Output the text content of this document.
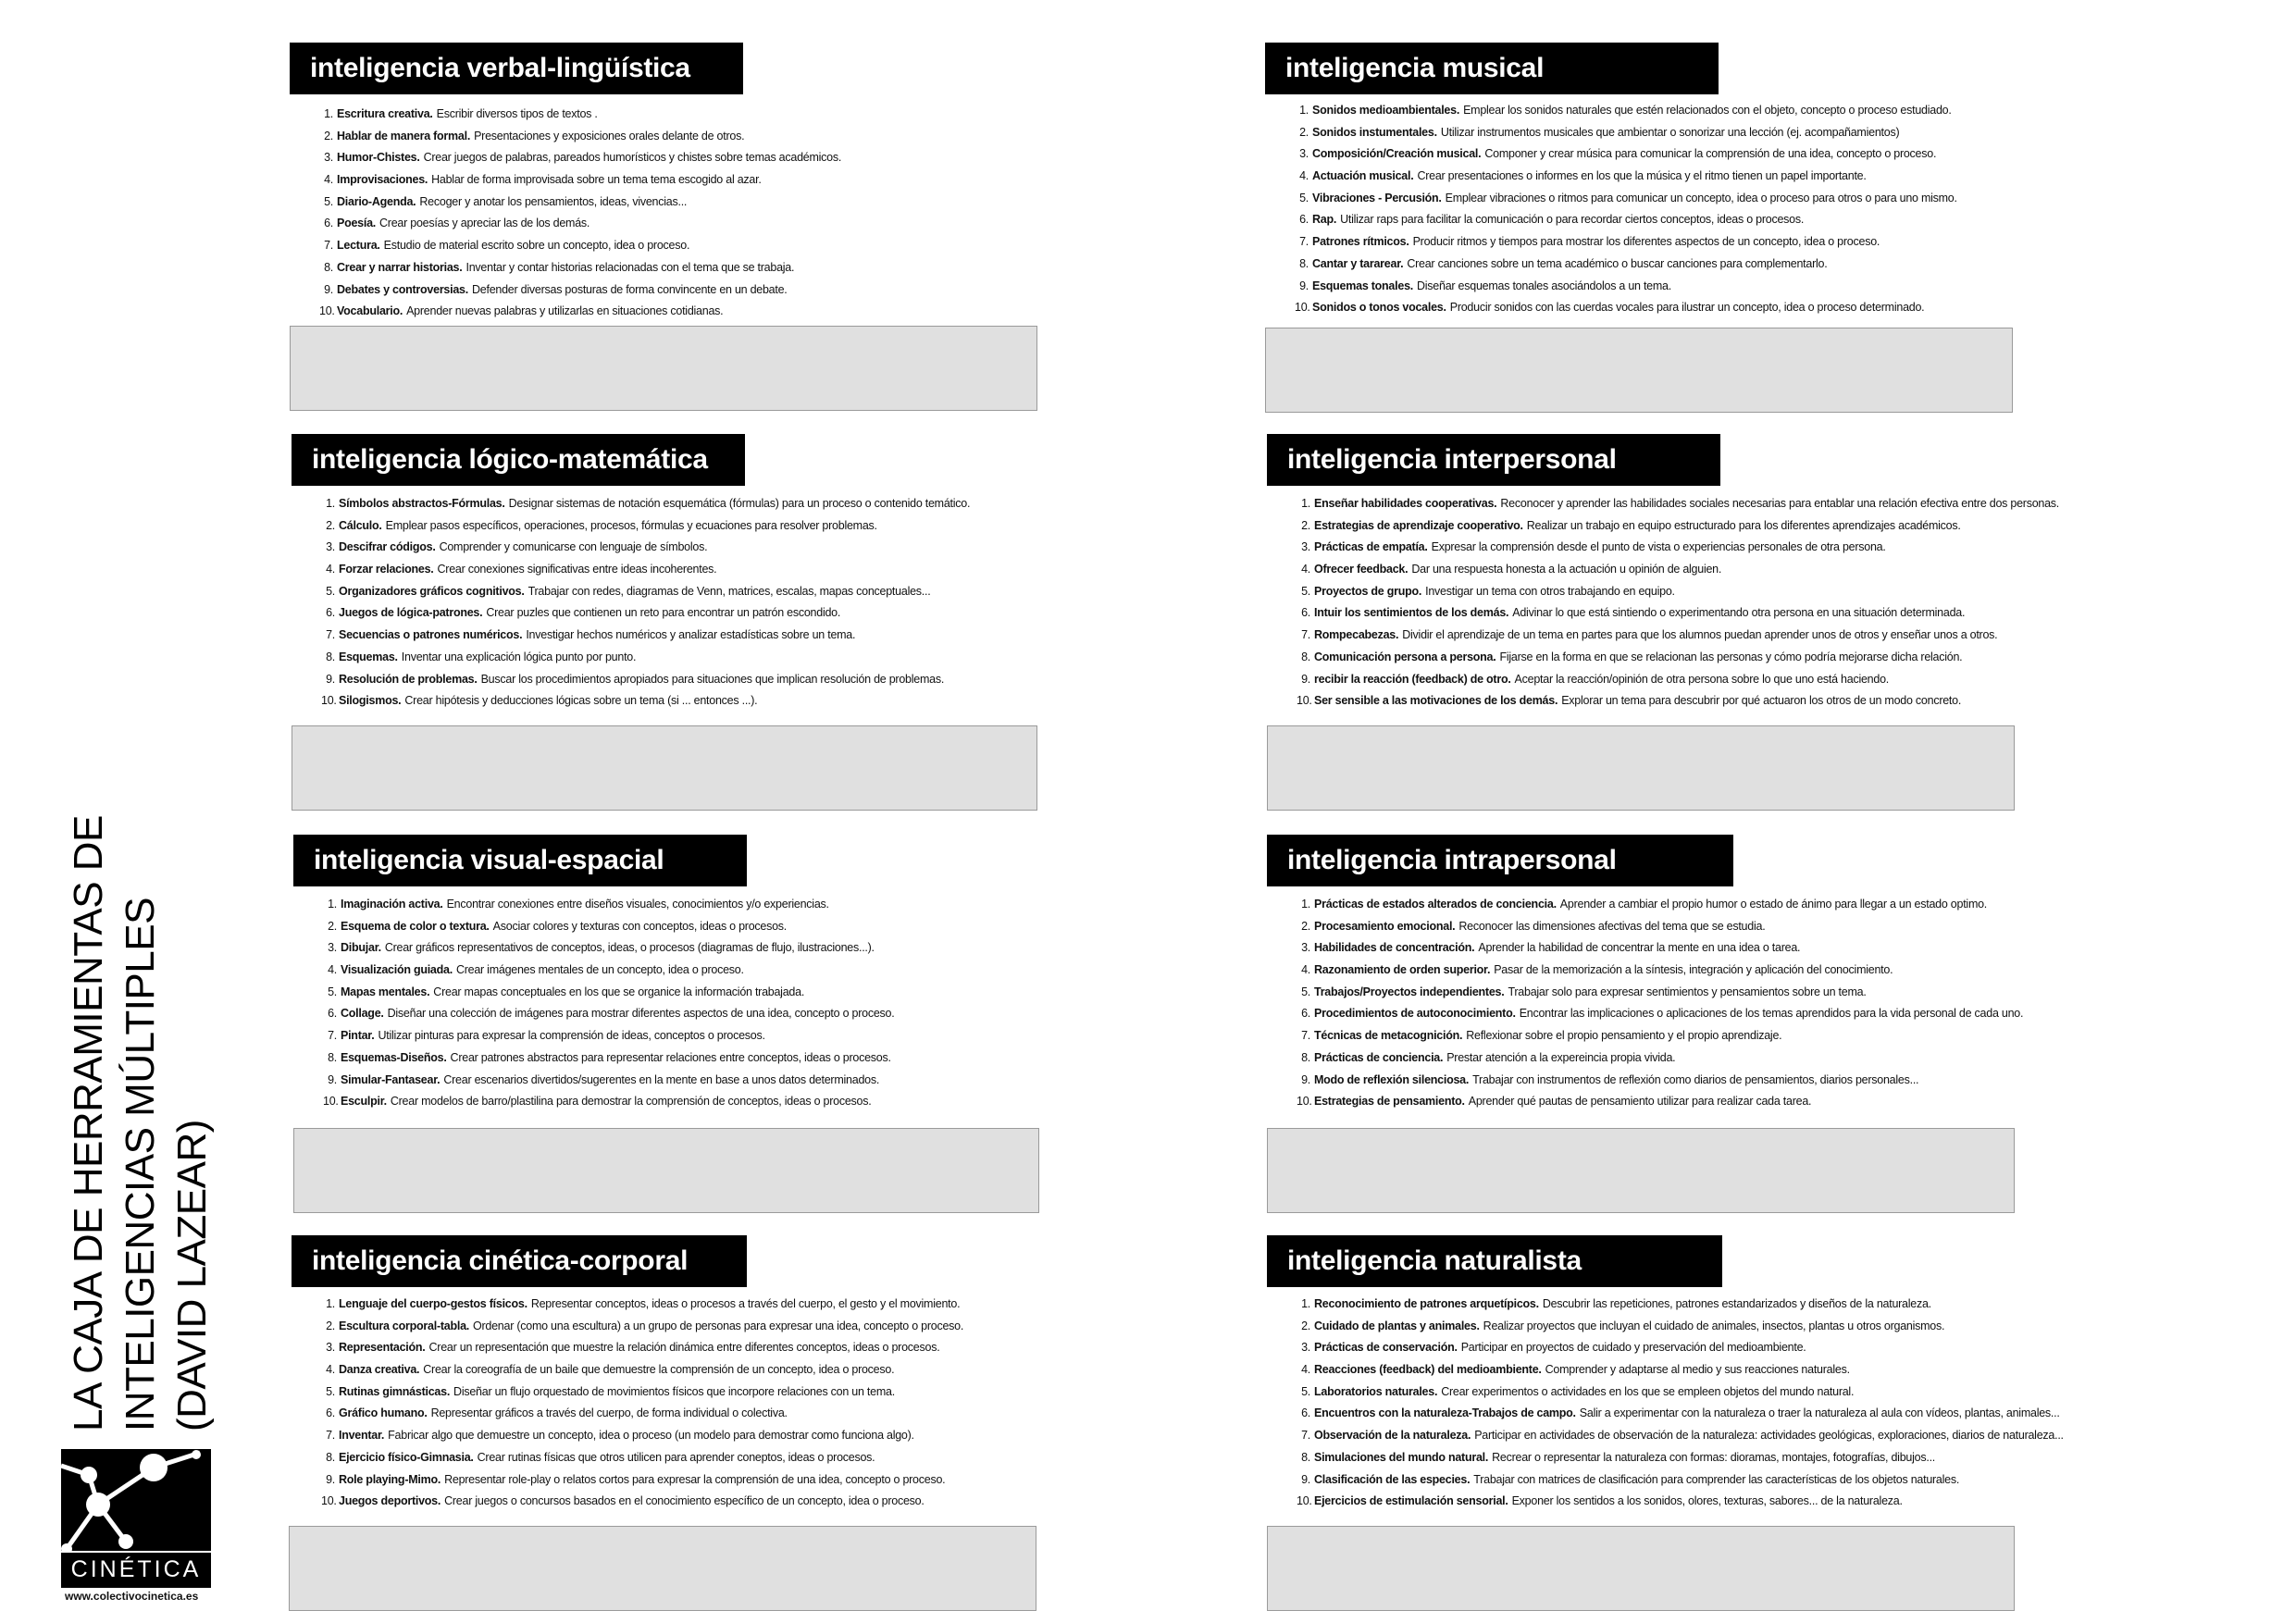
LA CAJA DE HERRAMIENTAS DE INTELIGENCIAS MÚLTIPLES (DAVID LAZEAR)
CINÉTICA
www.colectivocinetica.es
inteligencia verbal-lingüística
1. Escritura creativa. Escribir diversos tipos de textos .
2. Hablar de manera formal. Presentaciones y exposiciones orales delante de otros.
3. Humor-Chistes. Crear juegos de palabras, pareados humorísticos y chistes sobre temas académicos.
4. Improvisaciones. Hablar de forma improvisada sobre un tema tema escogido al azar.
5. Diario-Agenda. Recoger y anotar los pensamientos, ideas, vivencias...
6. Poesía. Crear poesías y apreciar las de los demás.
7. Lectura. Estudio de material escrito sobre un concepto, idea o proceso.
8. Crear y narrar historias. Inventar y contar historias relacionadas con el tema que se trabaja.
9. Debates y controversias. Defender diversas posturas de forma convincente en un debate.
10. Vocabulario. Aprender nuevas palabras y utilizarlas en situaciones cotidianas.
inteligencia musical
1. Sonidos medioambientales. Emplear los sonidos naturales que estén relacionados con el objeto, concepto o proceso estudiado.
2. Sonidos instumentales. Utilizar instrumentos musicales que ambientar o sonorizar una lección (ej. acompañamientos)
3. Composición/Creación musical. Componer y crear música para comunicar la comprensión de una idea, concepto o proceso.
4. Actuación musical. Crear presentaciones o informes en los que la música y el ritmo tienen un papel importante.
5. Vibraciones - Percusión. Emplear vibraciones o ritmos para comunicar un concepto, idea o proceso para otros o para uno mismo.
6. Rap. Utilizar raps para facilitar la comunicación o para recordar ciertos conceptos, ideas o procesos.
7. Patrones rítmicos. Producir ritmos y tiempos para mostrar los diferentes aspectos de un concepto, idea o proceso.
8. Cantar y tararear. Crear canciones sobre un tema académico o buscar canciones para complementarlo.
9. Esquemas tonales. Diseñar esquemas tonales asociándolos a un tema.
10. Sonidos o tonos vocales. Producir sonidos con las cuerdas vocales para ilustrar un concepto, idea o proceso determinado.
inteligencia lógico-matemática
1. Símbolos abstractos-Fórmulas. Designar sistemas de notación esquemática (fórmulas) para un proceso o contenido temático.
2. Cálculo. Emplear pasos específicos, operaciones, procesos, fórmulas y ecuaciones para resolver problemas.
3. Descifrar códigos. Comprender y comunicarse con lenguaje de símbolos.
4. Forzar relaciones. Crear conexiones significativas entre ideas incoherentes.
5. Organizadores gráficos cognitivos. Trabajar con redes, diagramas de Venn, matrices, escalas, mapas conceptuales...
6. Juegos de lógica-patrones. Crear puzles que contienen un reto para encontrar un patrón escondido.
7. Secuencias o patrones numéricos. Investigar hechos numéricos y analizar estadísticas sobre un tema.
8. Esquemas. Inventar una explicación lógica punto por punto.
9. Resolución de problemas. Buscar los procedimientos apropiados para situaciones que implican resolución de problemas.
10. Silogismos. Crear hipótesis y deducciones lógicas sobre un tema (si ... entonces ...).
inteligencia interpersonal
1. Enseñar habilidades cooperativas. Reconocer y aprender las habilidades sociales necesarias para entablar una relación efectiva entre dos personas.
2. Estrategias de aprendizaje cooperativo. Realizar un trabajo en equipo estructurado para los diferentes aprendizajes académicos.
3. Prácticas de empatía. Expresar la comprensión desde el punto de vista o experiencias personales de otra persona.
4. Ofrecer feedback. Dar una respuesta honesta a la actuación u opinión de alguien.
5. Proyectos de grupo. Investigar un tema con otros trabajando en equipo.
6. Intuir los sentimientos de los demás. Adivinar lo que está sintiendo o experimentando otra persona en una situación determinada.
7. Rompecabezas. Dividir el aprendizaje de un tema en partes para que los alumnos puedan aprender unos de otros y enseñar unos a otros.
8. Comunicación persona a persona. Fijarse en la forma en que se relacionan las personas y cómo podría mejorarse dicha relación.
9. recibir la reacción (feedback) de otro. Aceptar la reacción/opinión de otra persona sobre lo que uno está haciendo.
10. Ser sensible a las motivaciones de los demás. Explorar un tema para descubrir por qué actuaron los otros de un modo concreto.
inteligencia visual-espacial
1. Imaginación activa. Encontrar conexiones entre diseños visuales, conocimientos y/o experiencias.
2. Esquema de color o textura. Asociar colores y texturas con conceptos, ideas o procesos.
3. Dibujar. Crear gráficos representativos de conceptos, ideas, o procesos (diagramas de flujo, ilustraciones...).
4. Visualización guiada. Crear imágenes mentales de un concepto, idea o proceso.
5. Mapas mentales. Crear mapas conceptuales en los que se organice la información trabajada.
6. Collage. Diseñar una colección de imágenes para mostrar diferentes aspectos de una idea, concepto o proceso.
7. Pintar. Utilizar pinturas para expresar la comprensión de ideas, conceptos o procesos.
8. Esquemas-Diseños. Crear patrones abstractos para representar relaciones entre conceptos, ideas o procesos.
9. Simular-Fantasear. Crear escenarios divertidos/sugerentes en la mente en base a unos datos determinados.
10. Esculpir. Crear modelos de barro/plastilina para demostrar la comprensión de conceptos, ideas o procesos.
inteligencia intrapersonal
1. Prácticas de estados alterados de conciencia. Aprender a cambiar el propio humor o estado de ánimo para llegar a un estado optimo.
2. Procesamiento emocional. Reconocer las dimensiones afectivas del tema que se estudia.
3. Habilidades de concentración. Aprender la habilidad de concentrar la mente en una idea o tarea.
4. Razonamiento de orden superior. Pasar de la memorización a la síntesis, integración y aplicación del conocimiento.
5. Trabajos/Proyectos independientes. Trabajar solo para expresar sentimientos y pensamientos sobre un tema.
6. Procedimientos de autoconocimiento. Encontrar las implicaciones o aplicaciones de los temas aprendidos para la vida personal de cada uno.
7. Técnicas de metacognición. Reflexionar sobre el propio pensamiento y el propio aprendizaje.
8. Prácticas de conciencia. Prestar atención a la expereincia propia vivida.
9. Modo de reflexión silenciosa. Trabajar con instrumentos de reflexión como diarios de pensamientos, diarios personales...
10. Estrategias de pensamiento. Aprender qué pautas de pensamiento utilizar para realizar cada tarea.
inteligencia cinética-corporal
1. Lenguaje del cuerpo-gestos físicos. Representar conceptos, ideas o procesos a través del cuerpo, el gesto y el movimiento.
2. Escultura corporal-tabla. Ordenar (como una escultura) a un grupo de personas para expresar una idea, concepto o proceso.
3. Representación. Crear un representación que muestre la relación dinámica entre diferentes conceptos, ideas o procesos.
4. Danza creativa. Crear la coreografía de un baile que demuestre la comprensión de un concepto, idea o proceso.
5. Rutinas gimnásticas. Diseñar un flujo orquestado de movimientos físicos que incorpore relaciones con un tema.
6. Gráfico humano. Representar gráficos a través del cuerpo, de forma individual o colectiva.
7. Inventar. Fabricar algo que demuestre un concepto, idea o proceso (un modelo para demostrar como funciona algo).
8. Ejercicio físico-Gimnasia. Crear rutinas físicas que otros utilicen para aprender coneptos, ideas o procesos.
9. Role playing-Mimo. Representar role-play o relatos cortos para expresar la comprensión de una idea, concepto o proceso.
10. Juegos deportivos. Crear juegos o concursos basados en el conocimiento específico de un concepto, idea o proceso.
inteligencia naturalista
1. Reconocimiento de patrones arquetípicos. Descubrir las repeticiones, patrones estandarizados y diseños de la naturaleza.
2. Cuidado de plantas y animales. Realizar proyectos que incluyan el cuidado de animales, insectos, plantas u otros organismos.
3. Prácticas de conservación. Participar en proyectos de cuidado y preservación del medioambiente.
4. Reacciones (feedback) del medioambiente. Comprender y adaptarse al medio y sus reacciones naturales.
5. Laboratorios naturales. Crear experimentos o actividades en los que se empleen objetos del mundo natural.
6. Encuentros con la naturaleza-Trabajos de campo. Salir a experimentar con la naturaleza o traer la naturaleza al aula con vídeos, plantas, animales...
7. Observación de la naturaleza. Participar en actividades de observación de la naturaleza: actividades geológicas, exploraciones, diarios de naturaleza...
8. Simulaciones del mundo natural. Recrear o representar la naturaleza con formas: dioramas, montajes, fotografías, dibujos...
9. Clasificación de las especies. Trabajar con matrices de clasificación para comprender las características de los objetos naturales.
10. Ejercicios de estimulación sensorial. Exponer los sentidos a los sonidos, olores, texturas, sabores... de la naturaleza.
